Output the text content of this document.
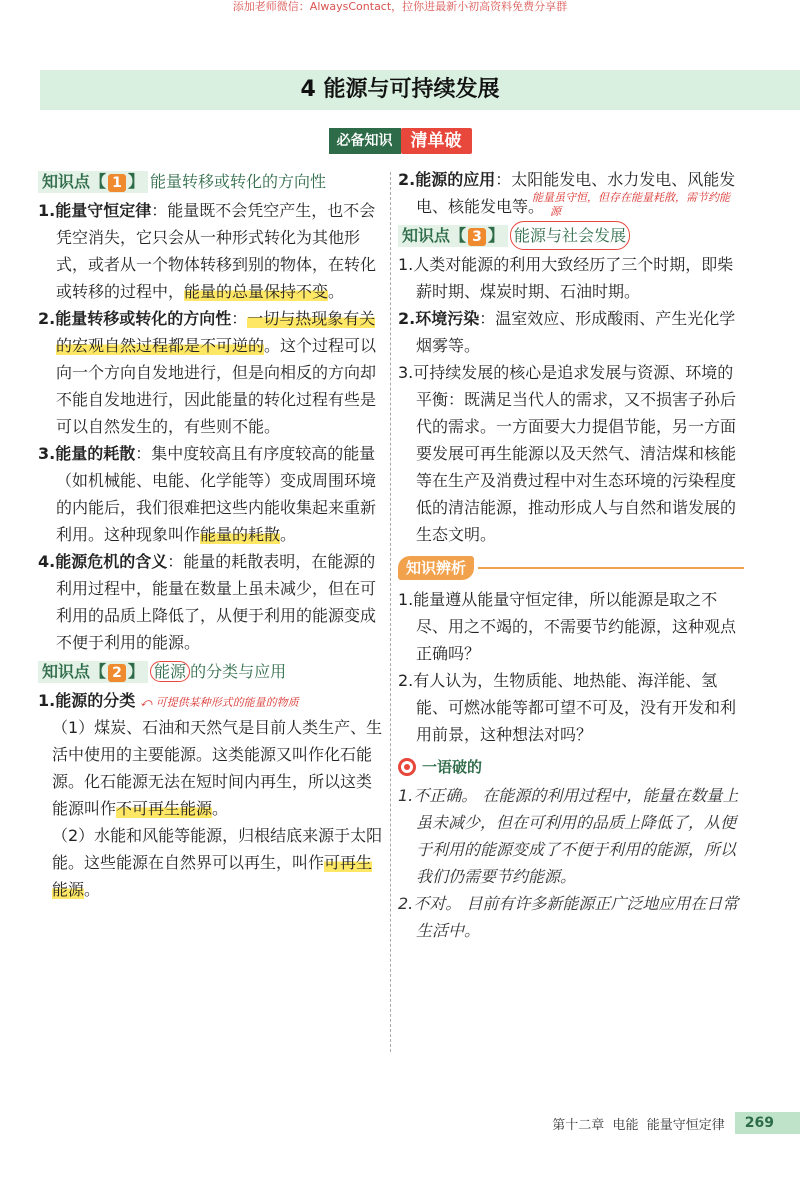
添加老师微信：AlwaysContact，拉你进最新小初高资料免费分享群
4 能源与可持续发展
必备知识 清单破
知识点【 1 】 能量转移或转化的方向性

1.能量守恒定律：能量既不会凭空产生，也不会凭空消失，它只会从一种形式转化为其他形式，或者从一个物体转移到别的物体，在转化或转移的过程中，能量的总量保持不变。

2.能量转移或转化的方向性：一切与热现象有关的宏观自然过程都是不可逆的。这个过程可以向一个方向自发地进行，但是向相反的方向却不能自发地进行，因此能量的转化过程有些是可以自然发生的，有些则不能。

3.能量的耗散：集中度较高且有序度较高的能量（如机械能、电能、化学能等）变成周围环境的内能后，我们很难把这些内能收集起来重新利用。这种现象叫作能量的耗散。

4.能源危机的含义：能量的耗散表明，在能源的利用过程中，能量在数量上虽未减少，但在可利用的品质上降低了，从便于利用的能源变成不便于利用的能源。

知识点【 2 】 能源 的分类与应用

1.能源的分类 ⤺ 可提供某种形式的能量的物质

（1）煤炭、石油和天然气是目前人类生产、生活中使用的主要能源。这类能源又叫作化石能源。化石能源无法在短时间内再生，所以这类能源叫作不可再生能源。

（2）水能和风能等能源，归根结底来源于太阳能。这些能源在自然界可以再生，叫作可再生能源。

2.能源的应用：太阳能发电、水力发电、风能发电、核能发电等。能量虽守恒，但存在能量耗散，需节约能源

知识点【 3 】 能源与社会发展

1.人类对能源的利用大致经历了三个时期，即柴薪时期、煤炭时期、石油时期。

2.环境污染：温室效应、形成酸雨、产生光化学烟雾等。

3.可持续发展的核心是追求发展与资源、环境的平衡：既满足当代人的需求，又不损害子孙后代的需求。一方面要大力提倡节能，另一方面要发展可再生能源以及天然气、清洁煤和核能等在生产及消费过程中对生态环境的污染程度低的清洁能源，推动形成人与自然和谐发展的生态文明。

知识辨析

1.能量遵从能量守恒定律，所以能源是取之不尽、用之不竭的，不需要节约能源，这种观点正确吗？

2.有人认为，生物质能、地热能、海洋能、氢能、可燃冰能等都可望不可及，没有开发和利用前景，这种想法对吗？

一语破的

1.不正确。 在能源的利用过程中，能量在数量上虽未减少，但在可利用的品质上降低了，从便于利用的能源变成了不便于利用的能源，所以我们仍需要节约能源。

2.不对。 目前有许多新能源正广泛地应用在日常生活中。

第十二章
电能
能量守恒定律	269
